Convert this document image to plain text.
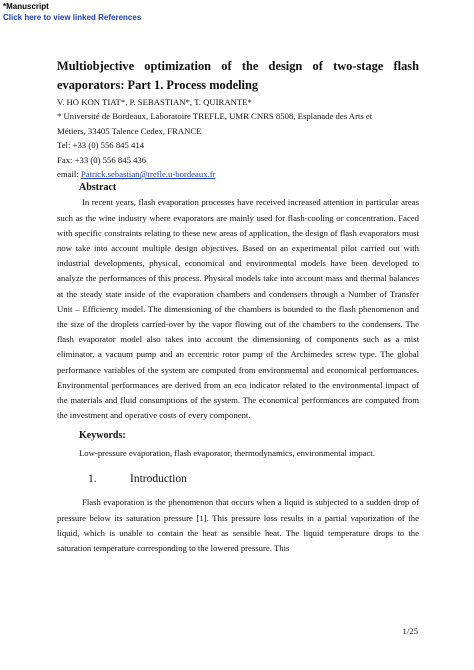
*Manuscript
Click here to view linked References

Multiobjective optimization of the design of two-stage flash evaporators: Part 1. Process modeling

V. HO KON TIAT*, P. SEBASTIAN*, T. QUIRANTE*

* Université de Bordeaux, Laboratoire TREFLE, UMR CNRS 8508, Esplanade des Arts et

Métiers, 33405 Talence Cedex, FRANCE

Tel: +33 (0) 556 845 414

Fax: +33 (0) 556 845 436

email: Patrick.sebastian@trefle.u-bordeaux.fr

Abstract

In recent years, flash evaporation processes have received increased attention in particular areas such as the wine industry where evaporators are mainly used for flash-cooling or concentration. Faced with specific constraints relating to these new areas of application, the design of flash evaporators must now take into account multiple design objectives. Based on an experimental pilot carried out with industrial developments, physical, economical and environmental models have been developed to analyze the performances of this process. Physical models take into account mass and thermal balances at the steady state inside of the evaporation chambers and condensers through a Number of Transfer Unit – Efficiency model. The dimensioning of the chambers is bounded to the flash phenomenon and the size of the droplets carried-over by the vapor flowing out of the chambers to the condensers. The flash evaporator model also takes into account the dimensioning of components such as a mist eliminator, a vacuum pump and an eccentric rotor pump of the Archimedes screw type. The global performance variables of the system are computed from environmental and economical performances. Environmental performances are derived from an eco indicator related to the environmental impact of the materials and fluid consumptions of the system. The economical performances are computed from the investment and operative costs of every component.

Keywords:

Low-pressure evaporation, flash evaporator, thermodynamics, environmental impact.

1.	Introduction

Flash evaporation is the phenomenon that occurs when a liquid is subjected to a sudden drop of pressure below its saturation pressure [1]. This pressure loss results in a partial vaporization of the liquid, which is unable to contain the heat as sensible heat. The liquid temperature drops to the saturation temperature corresponding to the lowered pressure. This

1/25
